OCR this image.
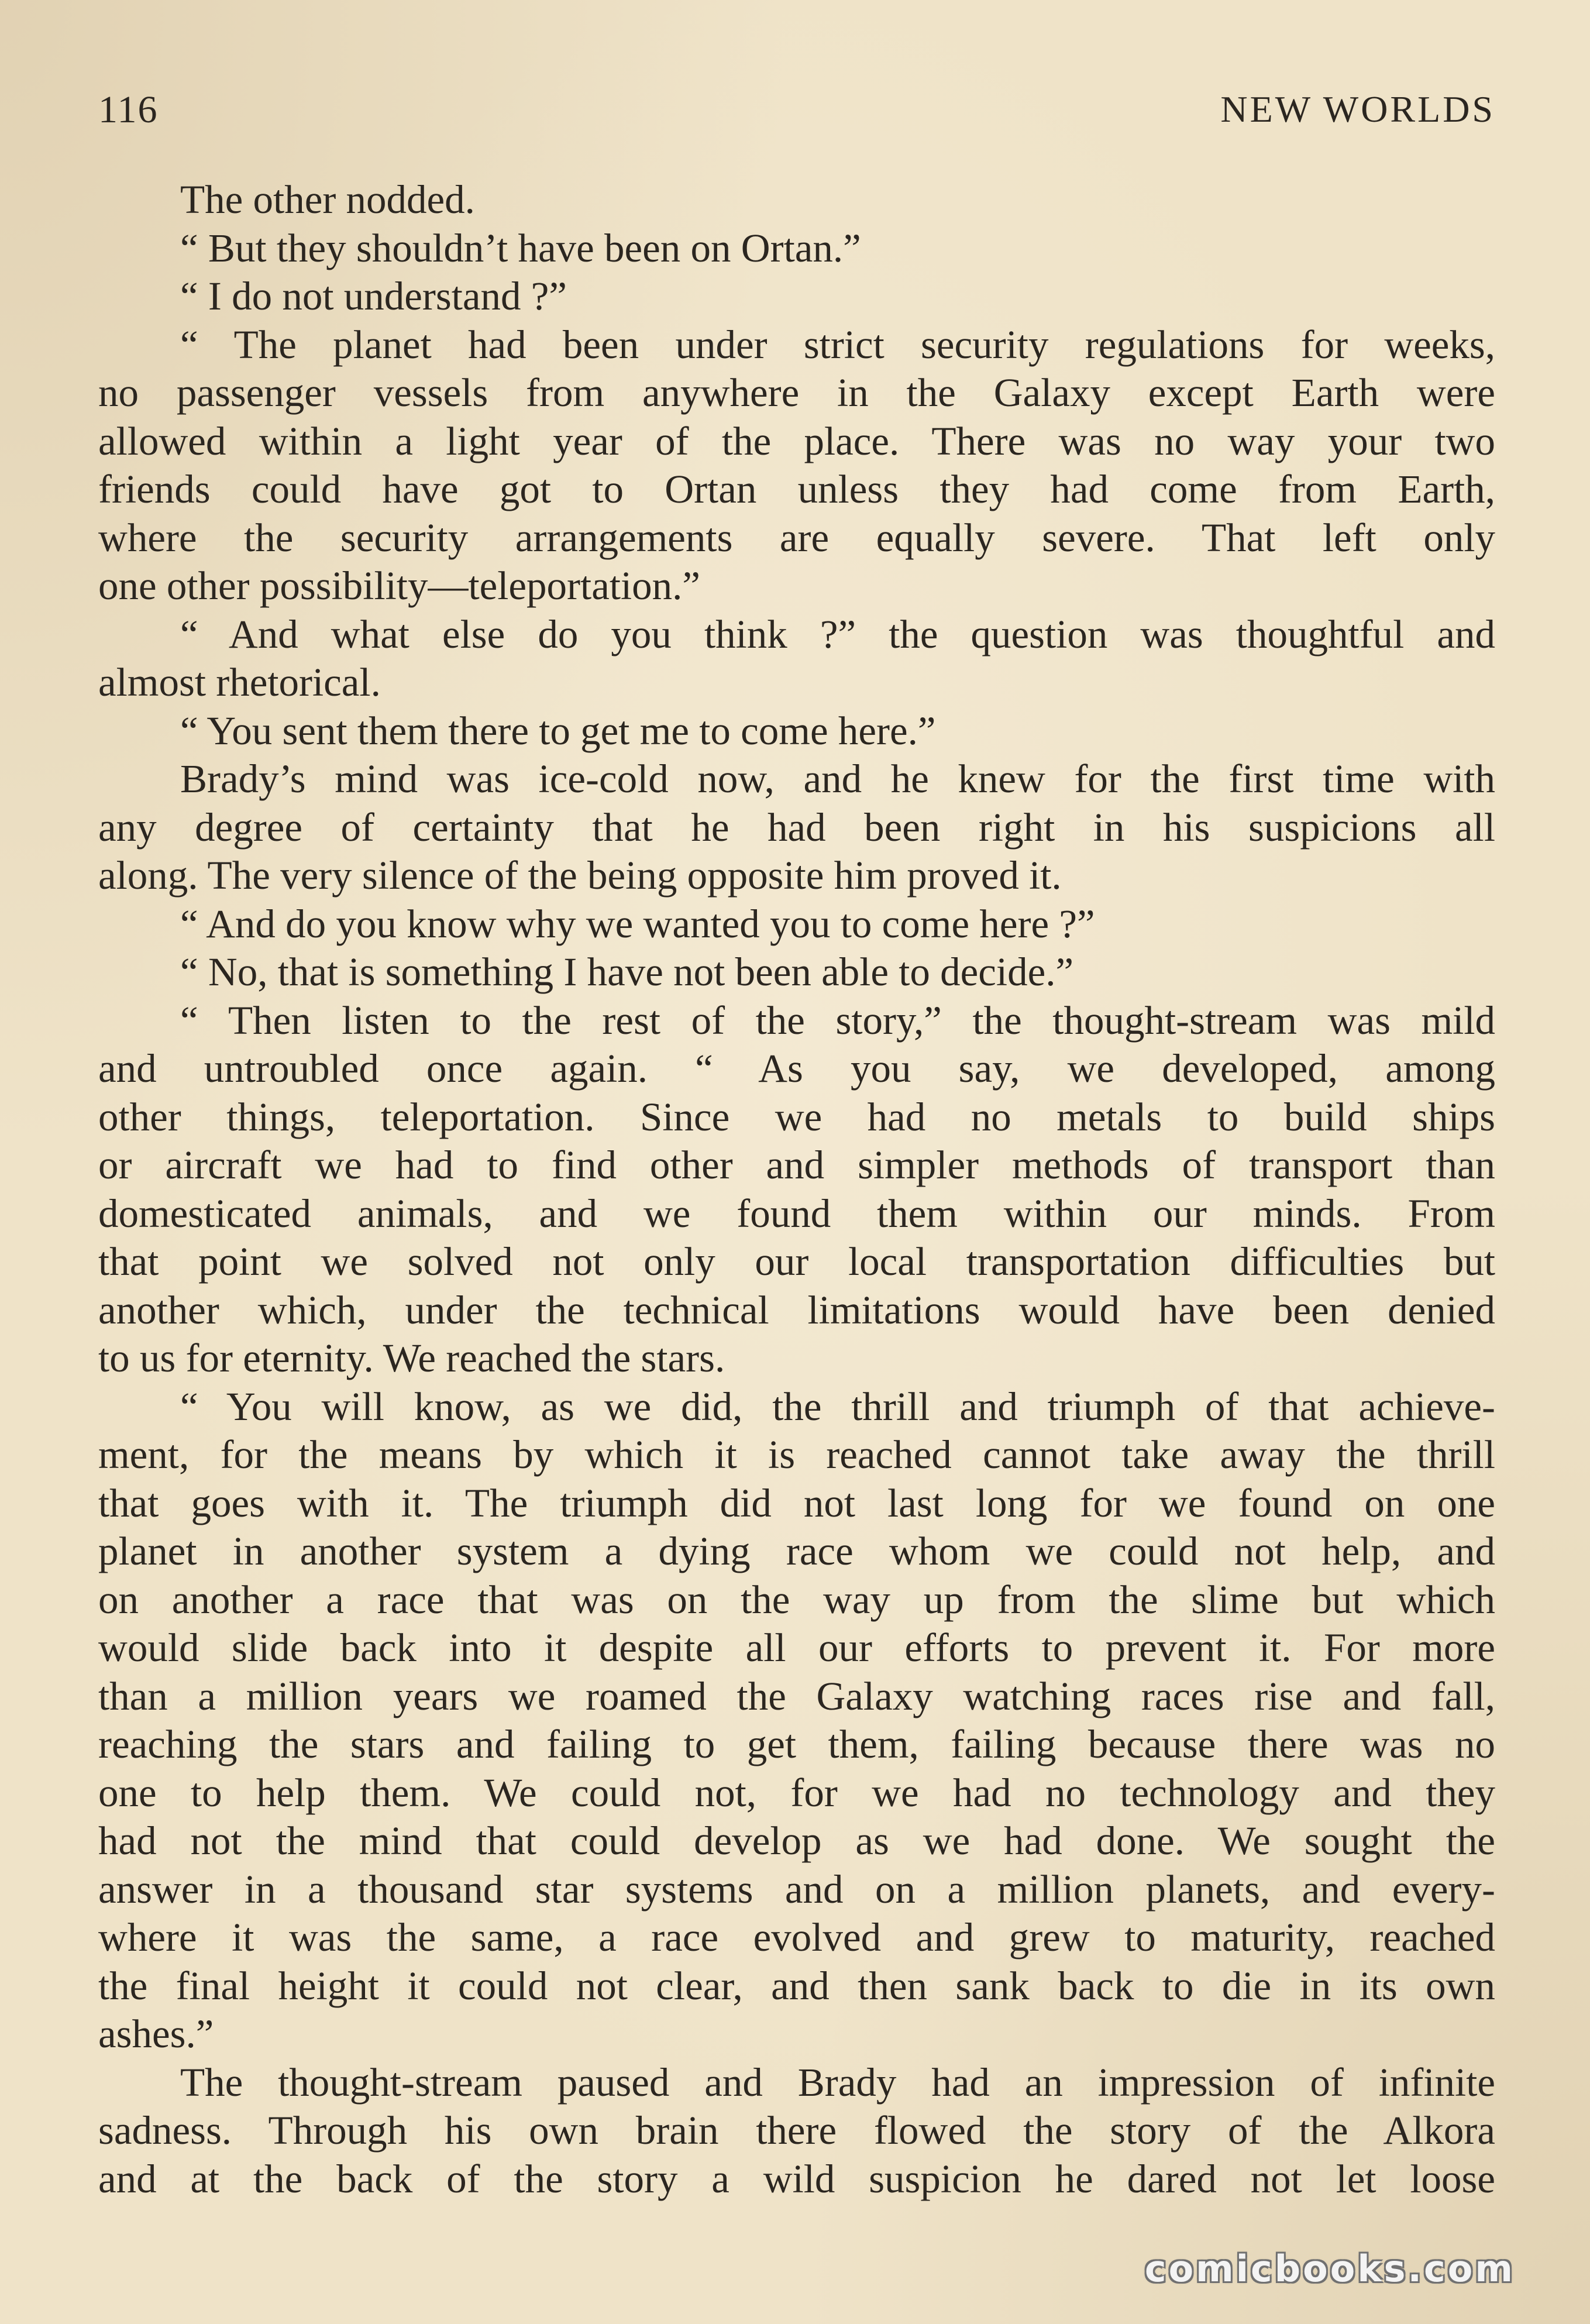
116	NEW WORLDS
The other nodded.
“ But they shouldn’t have been on Ortan.”
“ I do not understand ?”
“ The planet had been under strict security regulations for weeks,
no passenger vessels from anywhere in the Galaxy except Earth were
allowed within a light year of the place. There was no way your two
friends could have got to Ortan unless they had come from Earth,
where the security arrangements are equally severe. That left only
one other possibility—teleportation.”
“ And what else do you think ?” the question was thoughtful and
almost rhetorical.
“ You sent them there to get me to come here.”
Brady’s mind was ice-cold now, and he knew for the first time with
any degree of certainty that he had been right in his suspicions all
along. The very silence of the being opposite him proved it.
“ And do you know why we wanted you to come here ?”
“ No, that is something I have not been able to decide.”
“ Then listen to the rest of the story,” the thought-stream was mild
and untroubled once again. “ As you say, we developed, among
other things, teleportation. Since we had no metals to build ships
or aircraft we had to find other and simpler methods of transport than
domesticated animals, and we found them within our minds. From
that point we solved not only our local transportation difficulties but
another which, under the technical limitations would have been denied
to us for eternity. We reached the stars.
“ You will know, as we did, the thrill and triumph of that achieve-
ment, for the means by which it is reached cannot take away the thrill
that goes with it. The triumph did not last long for we found on one
planet in another system a dying race whom we could not help, and
on another a race that was on the way up from the slime but which
would slide back into it despite all our efforts to prevent it. For more
than a million years we roamed the Galaxy watching races rise and fall,
reaching the stars and failing to get them, failing because there was no
one to help them. We could not, for we had no technology and they
had not the mind that could develop as we had done. We sought the
answer in a thousand star systems and on a million planets, and every-
where it was the same, a race evolved and grew to maturity, reached
the final height it could not clear, and then sank back to die in its own
ashes.”
The thought-stream paused and Brady had an impression of infinite
sadness. Through his own brain there flowed the story of the Alkora
and at the back of the story a wild suspicion he dared not let loose
comicbooks.com
